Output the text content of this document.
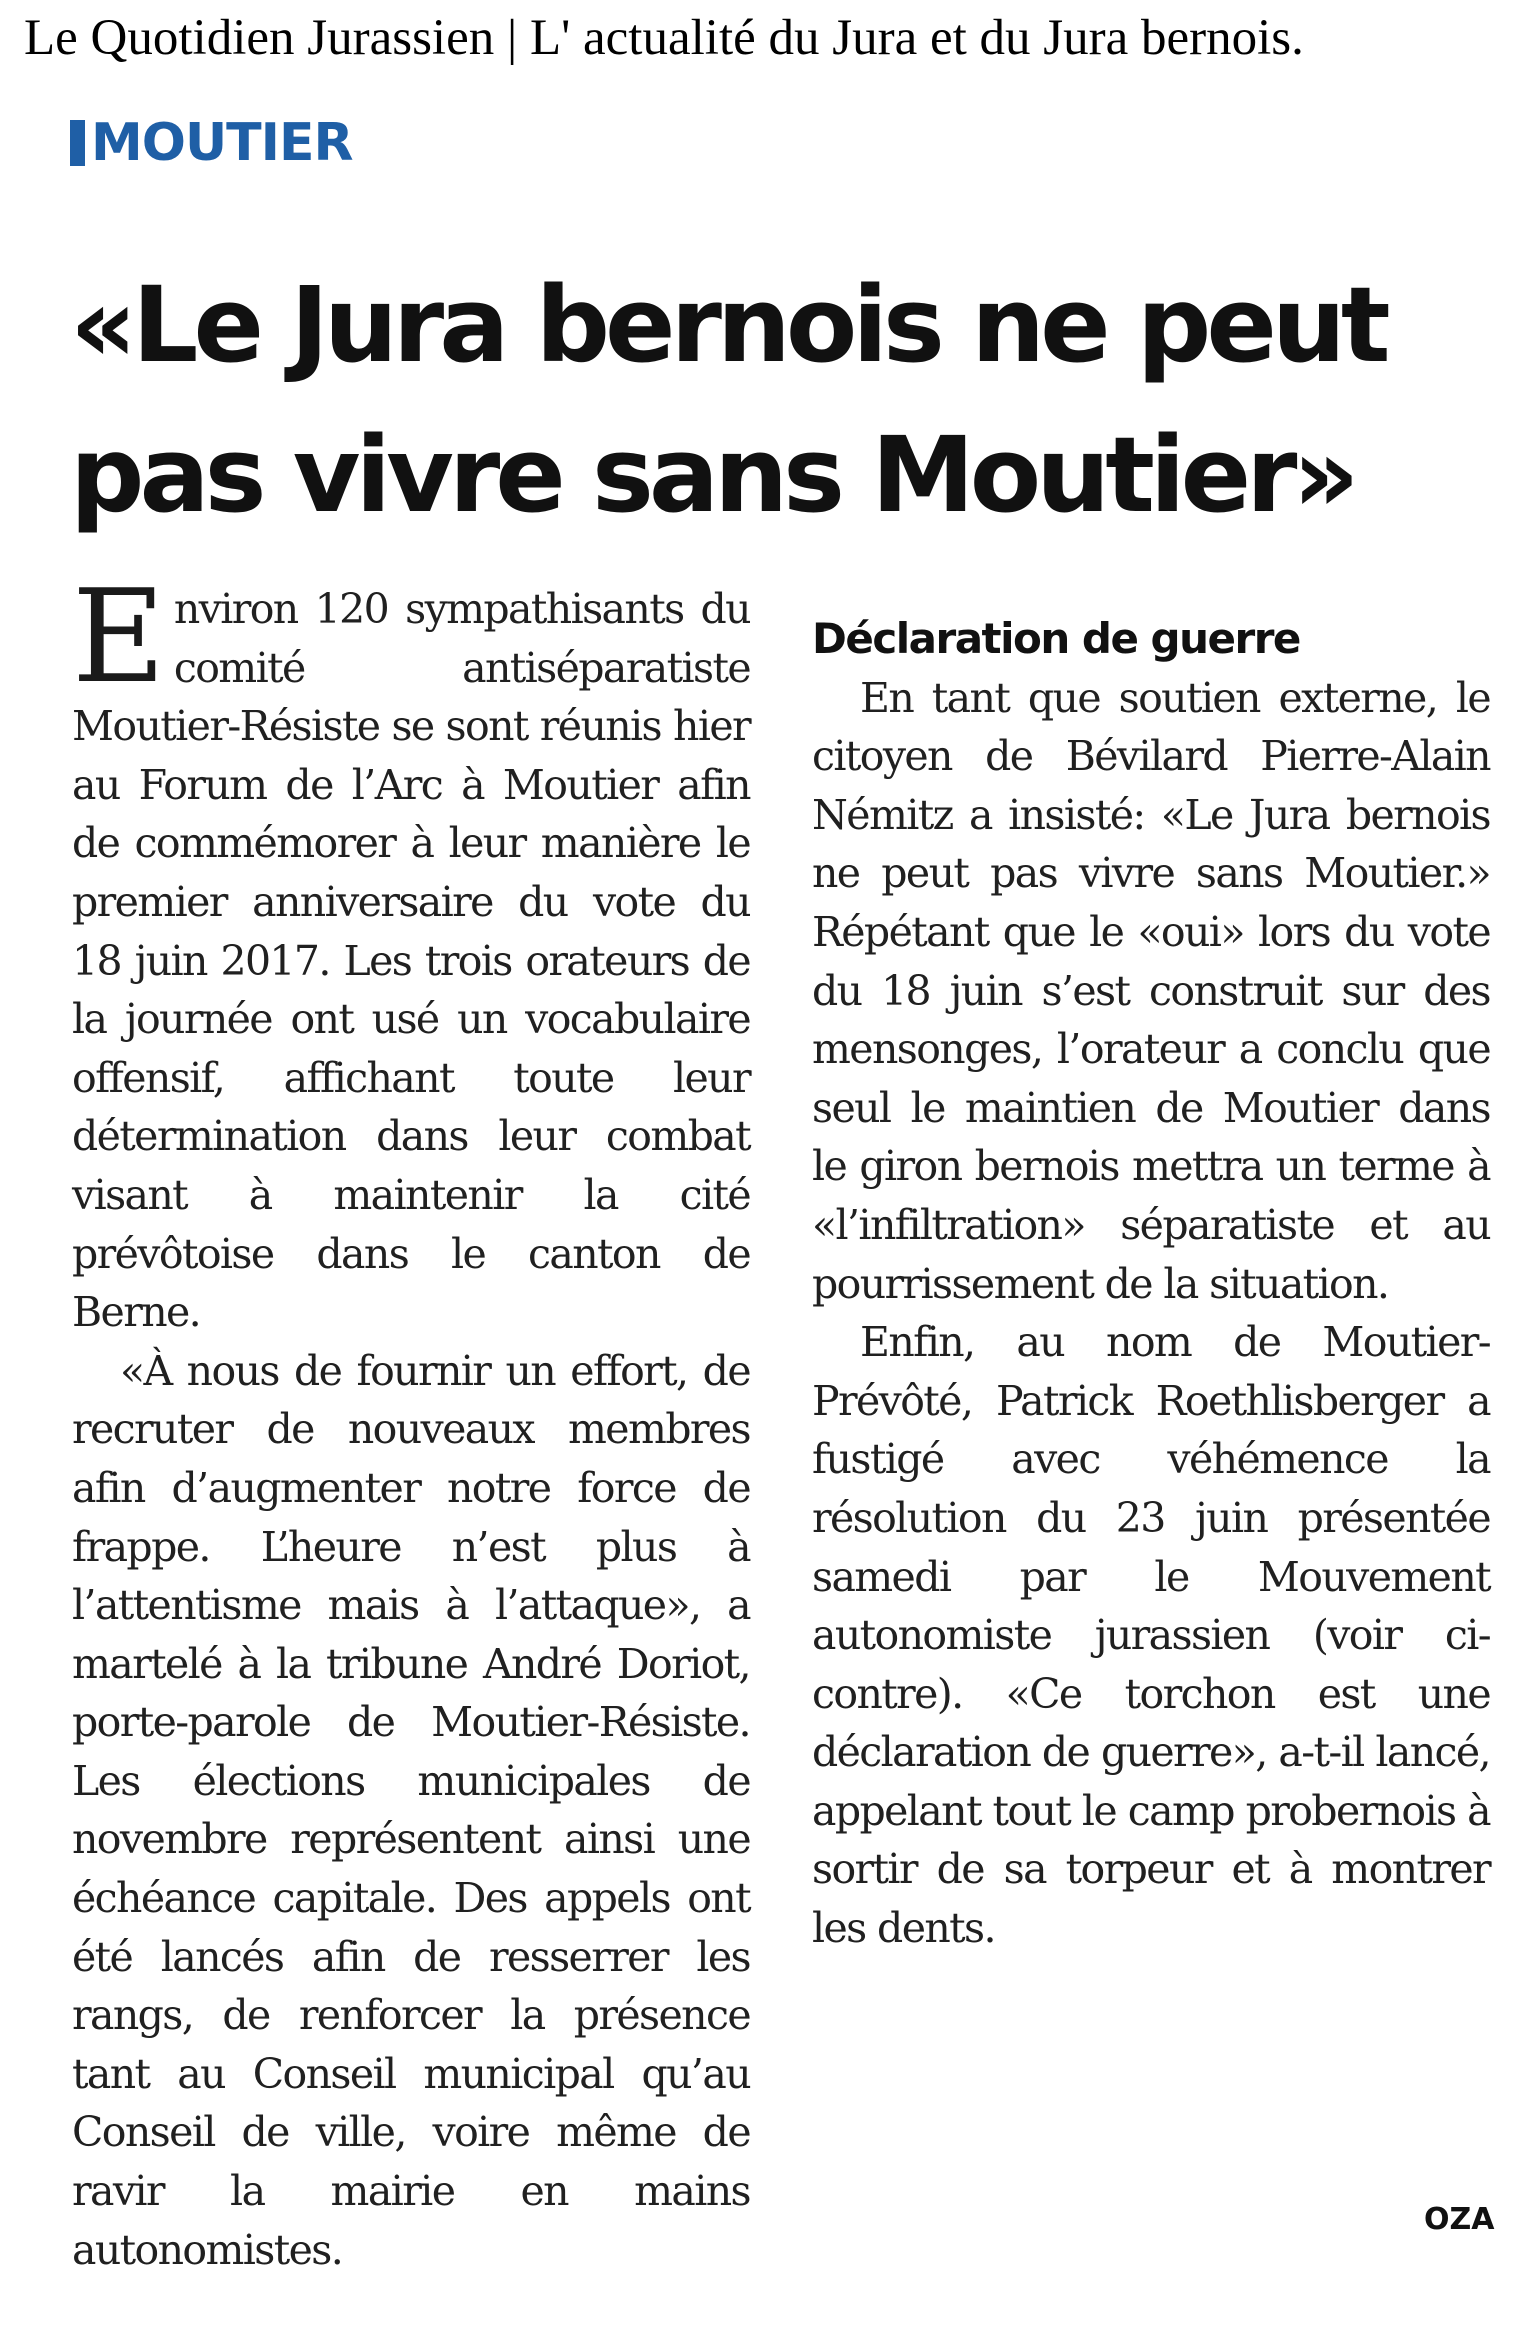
Le Quotidien Jurassien | L' actualité du Jura et du Jura bernois.
MOUTIER
«Le Jura bernois ne peut pas vivre sans Moutier»

Environ 120 sympathisants du comité antiséparatiste Moutier-Résiste se sont réunis hier au Forum de l’Arc à Moutier afin de commémorer à leur manière le premier anniversaire du vote du 18 juin 2017. Les trois orateurs de la journée ont usé un vocabulaire offensif, affichant toute leur détermination dans leur combat visant à maintenir la cité prévôtoise dans le canton de Berne.

«À nous de fournir un effort, de recruter de nouveaux membres afin d’augmenter notre force de frappe. L’heure n’est plus à l’attentisme mais à l’attaque», a martelé à la tribune André Doriot, porte-parole de Moutier-Résiste. Les élections municipales de novembre représentent ainsi une échéance capitale. Des appels ont été lancés afin de resserrer les rangs, de renforcer la présence tant au Conseil municipal qu’au Conseil de ville, voire même de ravir la mairie en mains autonomistes.

Déclaration de guerre

En tant que soutien externe, le citoyen de Bévilard Pierre-Alain Némitz a insisté: «Le Jura bernois ne peut pas vivre sans Moutier.» Répétant que le «oui» lors du vote du 18 juin s’est construit sur des mensonges, l’orateur a conclu que seul le maintien de Moutier dans le giron bernois mettra un terme à «l’infiltration» séparatiste et au pourrissement de la situation.

Enfin, au nom de Moutier-Prévôté, Patrick Roethlisberger a fustigé avec véhémence la résolution du 23 juin présentée samedi par le Mouvement autonomiste jurassien (voir ci-contre). «Ce torchon est une déclaration de guerre», a-t-il lancé, appelant tout le camp probernois à sortir de sa torpeur et à montrer les dents.

OZA
